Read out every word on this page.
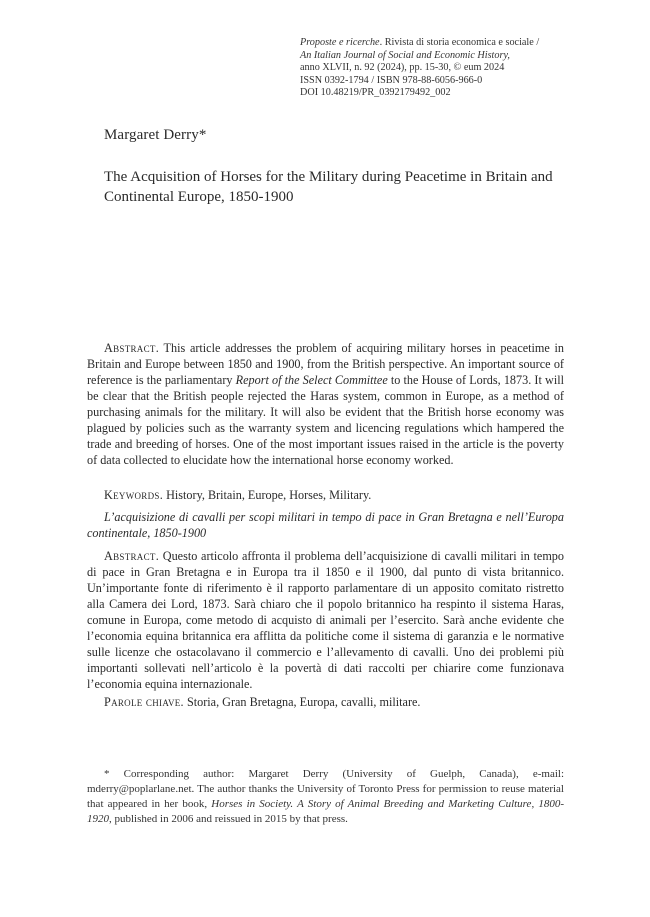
Proposte e ricerche. Rivista di storia economica e sociale /
An Italian Journal of Social and Economic History,
anno XLVII, n. 92 (2024), pp. 15-30, © eum 2024
ISSN 0392-1794 / ISBN 978-88-6056-966-0
DOI 10.48219/PR_0392179492_002
Margaret Derry*
The Acquisition of Horses for the Military during Peacetime in Britain and Continental Europe, 1850-1900

Abstract. This article addresses the problem of acquiring military horses in peacetime in Britain and Europe between 1850 and 1900, from the British perspective. An important source of reference is the parliamentary Report of the Select Committee to the House of Lords, 1873. It will be clear that the British people rejected the Haras system, common in Europe, as a method of purchasing animals for the military. It will also be evident that the British horse economy was plagued by policies such as the warranty system and licencing regulations which hampered the trade and breeding of horses. One of the most important issues raised in the article is the poverty of data collected to elucidate how the international horse economy worked.

Keywords. History, Britain, Europe, Horses, Military.

L’acquisizione di cavalli per scopi militari in tempo di pace in Gran Bretagna e nell’Europa continentale, 1850-1900

Abstract. Questo articolo affronta il problema dell’acquisizione di cavalli militari in tempo di pace in Gran Bretagna e in Europa tra il 1850 e il 1900, dal punto di vista britannico. Un’importante fonte di riferimento è il rapporto parlamentare di un apposito comitato ristretto alla Camera dei Lord, 1873. Sarà chiaro che il popolo britannico ha respinto il sistema Haras, comune in Europa, come metodo di acquisto di animali per l’esercito. Sarà anche evidente che l’economia equina britannica era afflitta da politiche come il sistema di garanzia e le normative sulle licenze che ostacolavano il commercio e l’allevamento di cavalli. Uno dei problemi più importanti sollevati nell’articolo è la povertà di dati raccolti per chiarire come funzionava l’economia equina internazionale.

Parole chiave. Storia, Gran Bretagna, Europa, cavalli, militare.

* Corresponding author: Margaret Derry (University of Guelph, Canada), e-mail: mderry@poplarlane.net. The author thanks the University of Toronto Press for permission to reuse material that appeared in her book, Horses in Society. A Story of Animal Breeding and Marketing Culture, 1800-1920, published in 2006 and reissued in 2015 by that press.
